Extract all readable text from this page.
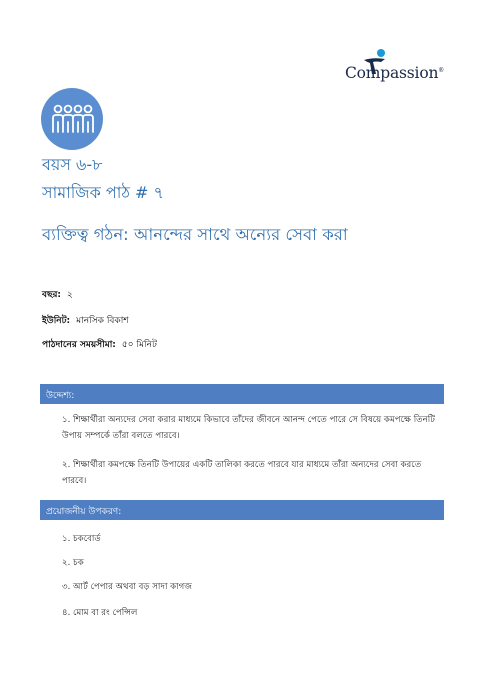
Compassion®
বয়স ৬-৮
সামাজিক পাঠ # ৭
ব্যক্তিত্ব গঠন: আনন্দের সাথে অন্যের সেবা করা
বছর: ২
ইউনিট: মানসিক বিকাশ
পাঠদানের সময়সীমা: ৫০ মিনিট
উদ্দেশ্য:
১. শিক্ষার্থীরা অন্যদের সেবা করার মাধ্যমে কিভাবে তাঁদের জীবনে আনন্দ পেতে পারে সে বিষয়ে কমপক্ষে তিনটি উপায় সম্পর্কে তাঁরা বলতে পারবে।
২. শিক্ষার্থীরা কমপক্ষে তিনটি উপায়ের একটি তালিকা করতে পারবে যার মাধ্যমে তাঁরা অন্যদের সেবা করতে পারবে।
প্রয়োজনীয় উপকরণ:
১. চকবোর্ড
২. চক
৩. আর্ট পেপার অথবা বড় সাদা কাগজ
৪. মোম বা রং পেন্সিল
